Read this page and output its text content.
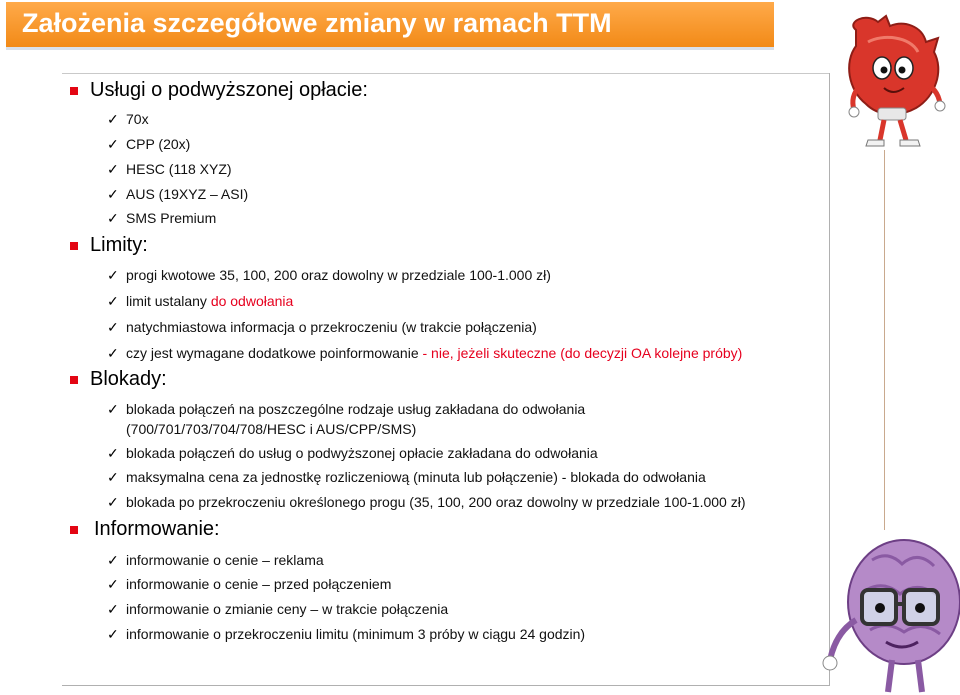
Założenia szczegółowe zmiany w ramach TTM
Usługi o podwyższonej opłacie:
✓ 70x
✓ CPP (20x)
✓ HESC (118 XYZ)
✓ AUS (19XYZ – ASI)
✓ SMS Premium
Limity:
✓ progi kwotowe 35, 100, 200 oraz dowolny w przedziale 100-1.000 zł)
✓ limit ustalany do odwołania
✓ natychmiastowa informacja o przekroczeniu (w trakcie połączenia)
✓ czy jest wymagane dodatkowe poinformowanie - nie, jeżeli skuteczne (do decyzji OA kolejne próby)
Blokady:
✓ blokada połączeń na poszczególne rodzaje usług zakładana do odwołania
(700/701/703/704/708/HESC i AUS/CPP/SMS)
✓ blokada połączeń do usług o podwyższonej opłacie zakładana do odwołania
✓ maksymalna cena za jednostkę rozliczeniową (minuta lub połączenie) - blokada do odwołania
✓ blokada po przekroczeniu określonego progu (35, 100, 200 oraz dowolny w przedziale 100-1.000 zł)
Informowanie:
✓ informowanie o cenie – reklama
✓ informowanie o cenie – przed połączeniem
✓ informowanie o zmianie ceny – w trakcie połączenia
✓ informowanie o przekroczeniu limitu (minimum 3 próby w ciągu 24 godzin)
